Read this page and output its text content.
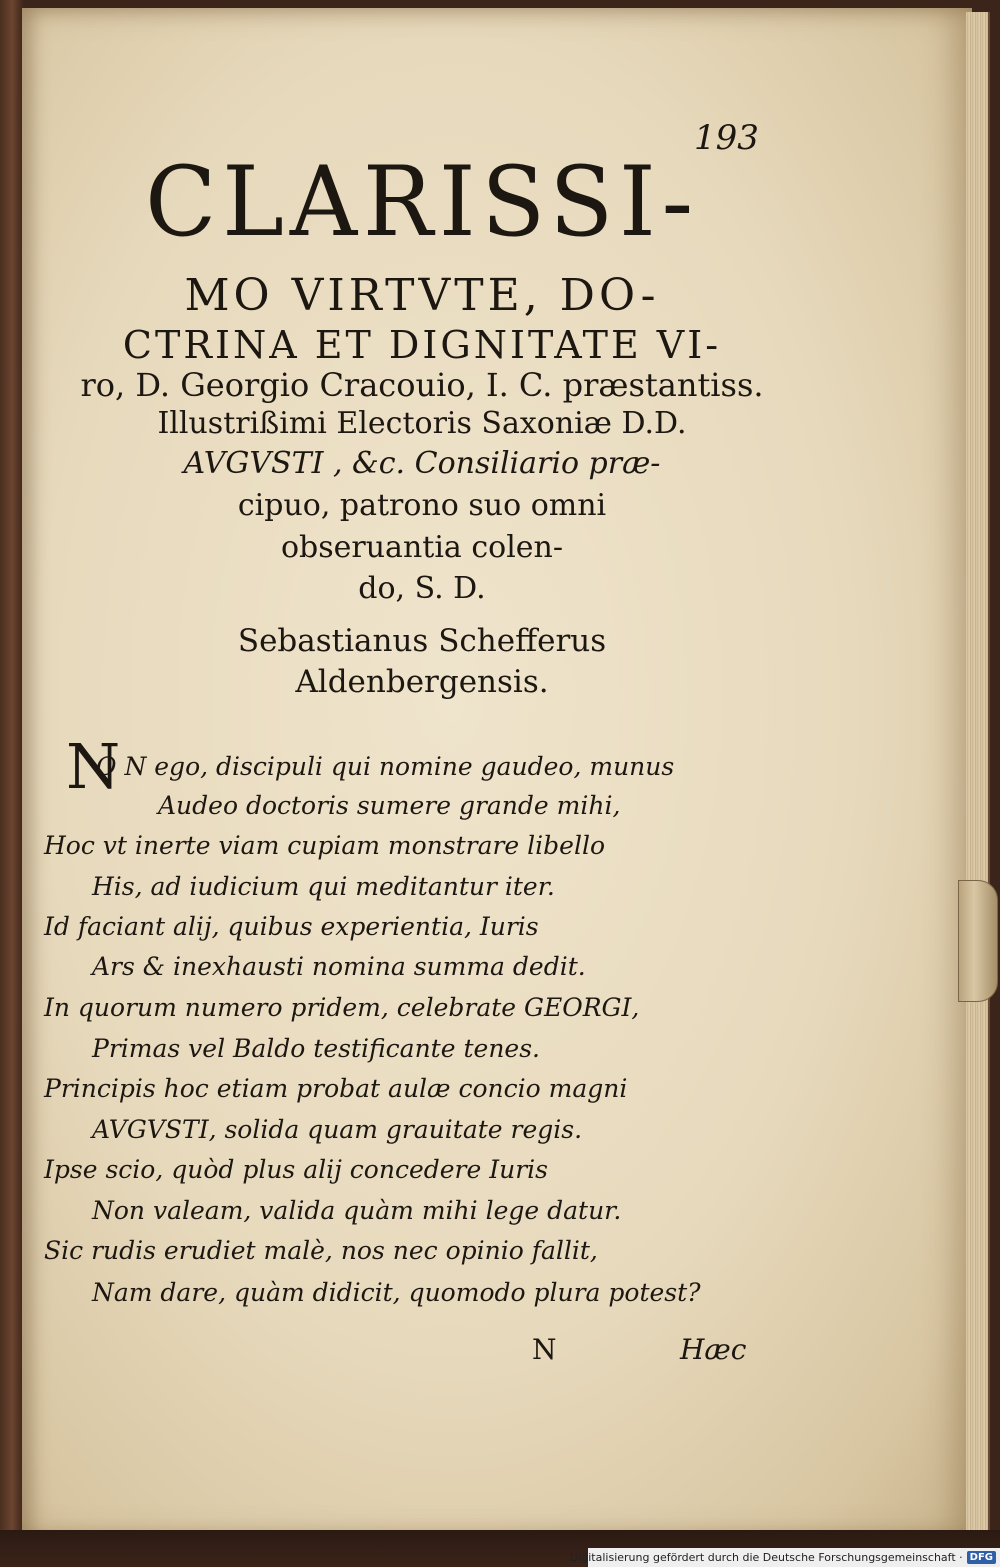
193
CLARISSI-
MO VIRTVTE, DO-
CTRINA ET DIGNITATE VI-
ro, D. Georgio Cracouio, I. C. præstantiss.
Illustrißimi Electoris Saxoniæ D.D.
AVGVSTI , &c. Consiliario præ-
cipuo, patrono suo omni
obseruantia colen-
do, S. D.
Sebastianus Schefferus
Aldenbergensis.
N
O N ego, discipuli qui nomine gaudeo, munus
Audeo doctoris sumere grande mihi,
Hoc vt inerte viam cupiam monstrare libello
His, ad iudicium qui meditantur iter.
Id faciant alij, quibus experientia, Iuris
Ars & inexhausti nomina summa dedit.
In quorum numero pridem, celebrate GEORGI,
Primas vel Baldo testificante tenes.
Principis hoc etiam probat aulæ concio magni
AVGVSTI, solida quam grauitate regis.
Ipse scio, quòd plus alij concedere Iuris
Non valeam, valida quàm mihi lege datur.
Sic rudis erudiet malè, nos nec opinio fallit,
Nam dare, quàm didicit, quomodo plura potest?
N	Hæc
Digitalisierung gefördert durch die Deutsche Forschungsgemeinschaft · DFG
